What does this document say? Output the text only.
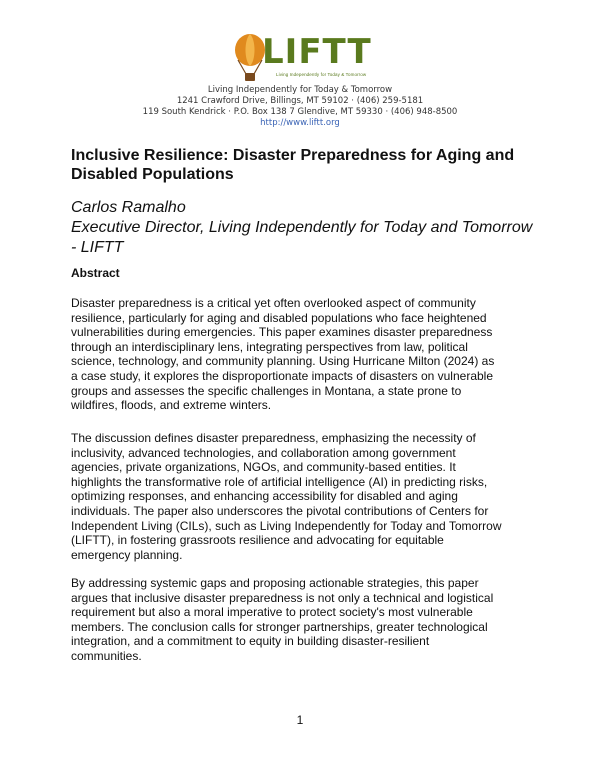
LIFTT
Living Independently for Today & Tomorrow
Living Independently for Today & Tomorrow
1241 Crawford Drive, Billings, MT 59102 · (406) 259-5181
119 South Kendrick · P.O. Box 138 7 Glendive, MT 59330 · (406) 948-8500
http://www.liftt.org
Inclusive Resilience: Disaster Preparedness for Aging and
Disabled Populations
Carlos Ramalho
Executive Director, Living Independently for Today and Tomorrow
- LIFTT
Abstract
Disaster preparedness is a critical yet often overlooked aspect of community
resilience, particularly for aging and disabled populations who face heightened
vulnerabilities during emergencies. This paper examines disaster preparedness
through an interdisciplinary lens, integrating perspectives from law, political
science, technology, and community planning. Using Hurricane Milton (2024) as
a case study, it explores the disproportionate impacts of disasters on vulnerable
groups and assesses the specific challenges in Montana, a state prone to
wildfires, floods, and extreme winters.
The discussion defines disaster preparedness, emphasizing the necessity of
inclusivity, advanced technologies, and collaboration among government
agencies, private organizations, NGOs, and community-based entities. It
highlights the transformative role of artificial intelligence (AI) in predicting risks,
optimizing responses, and enhancing accessibility for disabled and aging
individuals. The paper also underscores the pivotal contributions of Centers for
Independent Living (CILs), such as Living Independently for Today and Tomorrow
(LIFTT), in fostering grassroots resilience and advocating for equitable
emergency planning.
By addressing systemic gaps and proposing actionable strategies, this paper
argues that inclusive disaster preparedness is not only a technical and logistical
requirement but also a moral imperative to protect society's most vulnerable
members. The conclusion calls for stronger partnerships, greater technological
integration, and a commitment to equity in building disaster-resilient
communities.
1
